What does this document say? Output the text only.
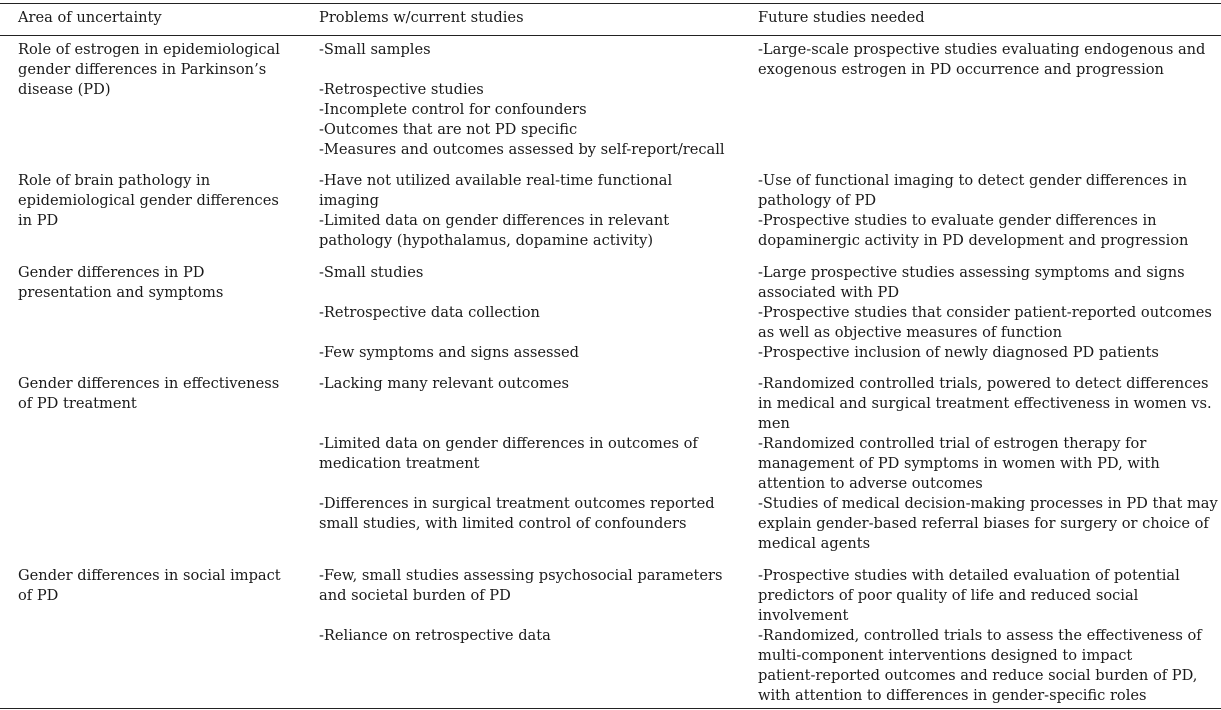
Area of uncertainty	Problems w/current studies	Future studies needed
Role of estrogen in epidemiological
gender differences in Parkinson’s
disease (PD)
-Small samples
-Retrospective studies
-Incomplete control for confounders
-Outcomes that are not PD specific
-Measures and outcomes assessed by self-report/recall
-Large-scale prospective studies evaluating endogenous and
exogenous estrogen in PD occurrence and progression
Role of brain pathology in
epidemiological gender differences
in PD
-Have not utilized available real-time functional
imaging
-Limited data on gender differences in relevant
pathology (hypothalamus, dopamine activity)
-Use of functional imaging to detect gender differences in
pathology of PD
-Prospective studies to evaluate gender differences in
dopaminergic activity in PD development and progression
Gender differences in PD
presentation and symptoms
-Small studies
-Retrospective data collection
-Few symptoms and signs assessed
-Large prospective studies assessing symptoms and signs
associated with PD
-Prospective studies that consider patient-reported outcomes
as well as objective measures of function
-Prospective inclusion of newly diagnosed PD patients
Gender differences in effectiveness
of PD treatment
-Lacking many relevant outcomes
-Limited data on gender differences in outcomes of
medication treatment
-Differences in surgical treatment outcomes reported
small studies, with limited control of confounders
-Randomized controlled trials, powered to detect differences
in medical and surgical treatment effectiveness in women vs.
men
-Randomized controlled trial of estrogen therapy for
management of PD symptoms in women with PD, with
attention to adverse outcomes
-Studies of medical decision-making processes in PD that may
explain gender-based referral biases for surgery or choice of
medical agents
Gender differences in social impact
of PD
-Few, small studies assessing psychosocial parameters
and societal burden of PD
-Reliance on retrospective data
-Prospective studies with detailed evaluation of potential
predictors of poor quality of life and reduced social
involvement
-Randomized, controlled trials to assess the effectiveness of
multi-component interventions designed to impact
patient-reported outcomes and reduce social burden of PD,
with attention to differences in gender-specific roles
